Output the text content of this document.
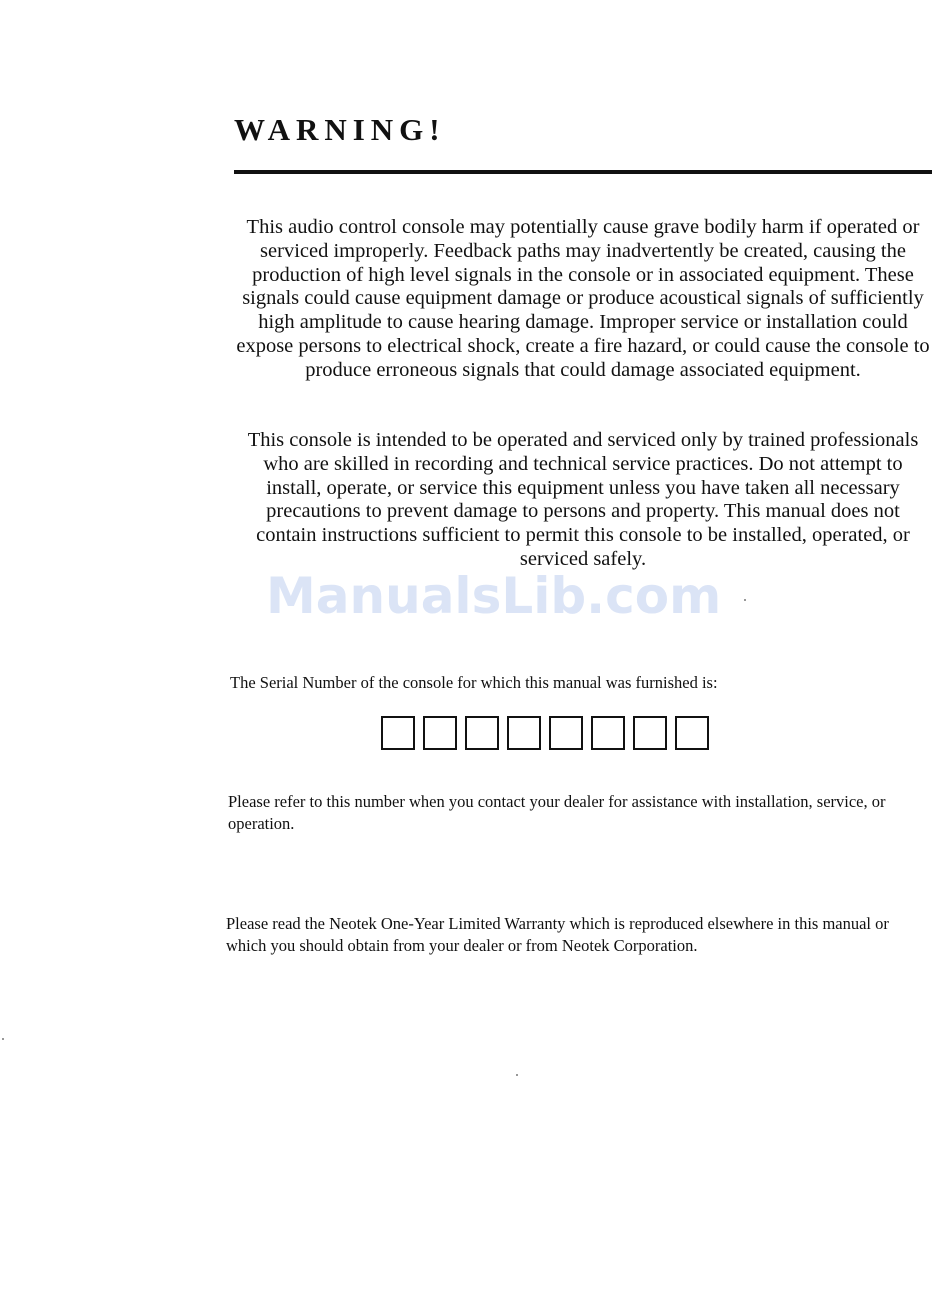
WARNING!

This audio control console may potentially cause grave bodily harm if operated or serviced improperly. Feedback paths may inadvertently be created, causing the production of high level signals in the console or in associated equipment. These signals could cause equipment damage or produce acoustical signals of sufficiently high amplitude to cause hearing damage. Improper service or installation could expose persons to electrical shock, create a fire hazard, or could cause the console to produce erroneous signals that could damage associated equipment.

This console is intended to be operated and serviced only by trained professionals who are skilled in recording and technical service practices. Do not attempt to install, operate, or service this equipment unless you have taken all necessary precautions to prevent damage to persons and property. This manual does not contain instructions sufficient to permit this console to be installed, operated, or serviced safely.

ManualsLib.com

The Serial Number of the console for which this manual was furnished is:

Please refer to this number when you contact your dealer for assistance with installation, service, or operation.

Please read the Neotek One-Year Limited Warranty which is reproduced elsewhere in this manual or which you should obtain from your dealer or from Neotek Corporation.
